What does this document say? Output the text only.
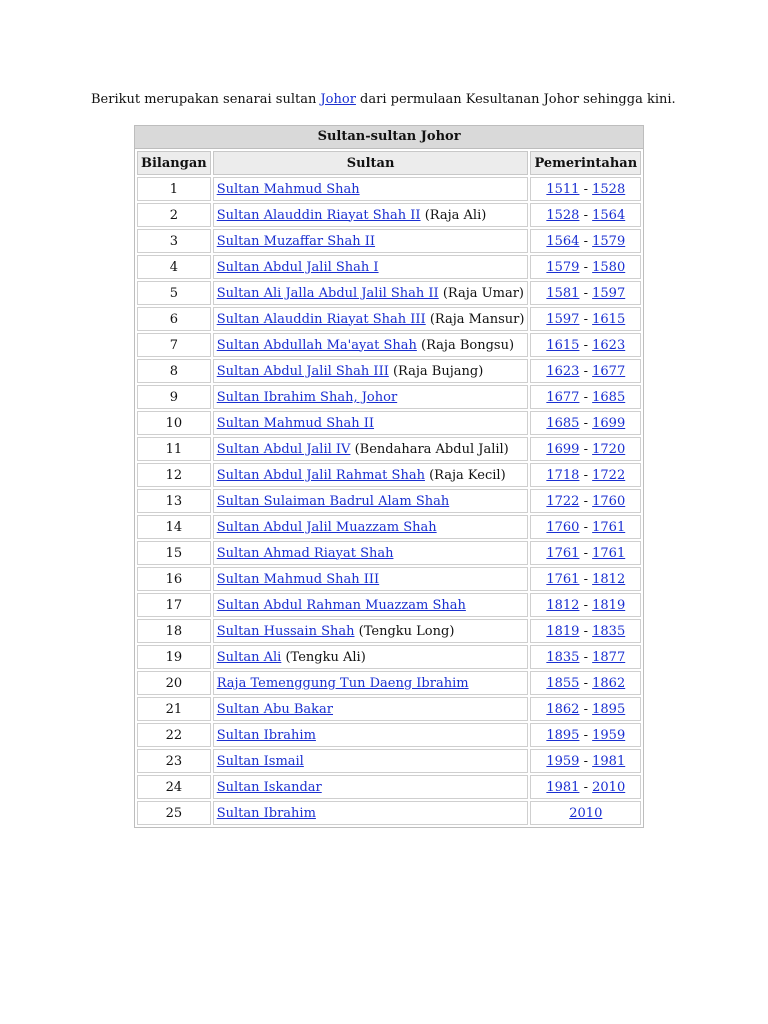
Berikut merupakan senarai sultan Johor dari permulaan Kesultanan Johor sehingga kini.

Sultan-sultan Johor
Bilangan	Sultan	Pemerintahan
1	Sultan Mahmud Shah	1511 - 1528
2	Sultan Alauddin Riayat Shah II (Raja Ali)	1528 - 1564
3	Sultan Muzaffar Shah II	1564 - 1579
4	Sultan Abdul Jalil Shah I	1579 - 1580
5	Sultan Ali Jalla Abdul Jalil Shah II (Raja Umar)	1581 - 1597
6	Sultan Alauddin Riayat Shah III (Raja Mansur)	1597 - 1615
7	Sultan Abdullah Ma'ayat Shah (Raja Bongsu)	1615 - 1623
8	Sultan Abdul Jalil Shah III (Raja Bujang)	1623 - 1677
9	Sultan Ibrahim Shah, Johor	1677 - 1685
10	Sultan Mahmud Shah II	1685 - 1699
11	Sultan Abdul Jalil IV (Bendahara Abdul Jalil)	1699 - 1720
12	Sultan Abdul Jalil Rahmat Shah (Raja Kecil)	1718 - 1722
13	Sultan Sulaiman Badrul Alam Shah	1722 - 1760
14	Sultan Abdul Jalil Muazzam Shah	1760 - 1761
15	Sultan Ahmad Riayat Shah	1761 - 1761
16	Sultan Mahmud Shah III	1761 - 1812
17	Sultan Abdul Rahman Muazzam Shah	1812 - 1819
18	Sultan Hussain Shah (Tengku Long)	1819 - 1835
19	Sultan Ali (Tengku Ali)	1835 - 1877
20	Raja Temenggung Tun Daeng Ibrahim	1855 - 1862
21	Sultan Abu Bakar	1862 - 1895
22	Sultan Ibrahim	1895 - 1959
23	Sultan Ismail	1959 - 1981
24	Sultan Iskandar	1981 - 2010
25	Sultan Ibrahim	2010
